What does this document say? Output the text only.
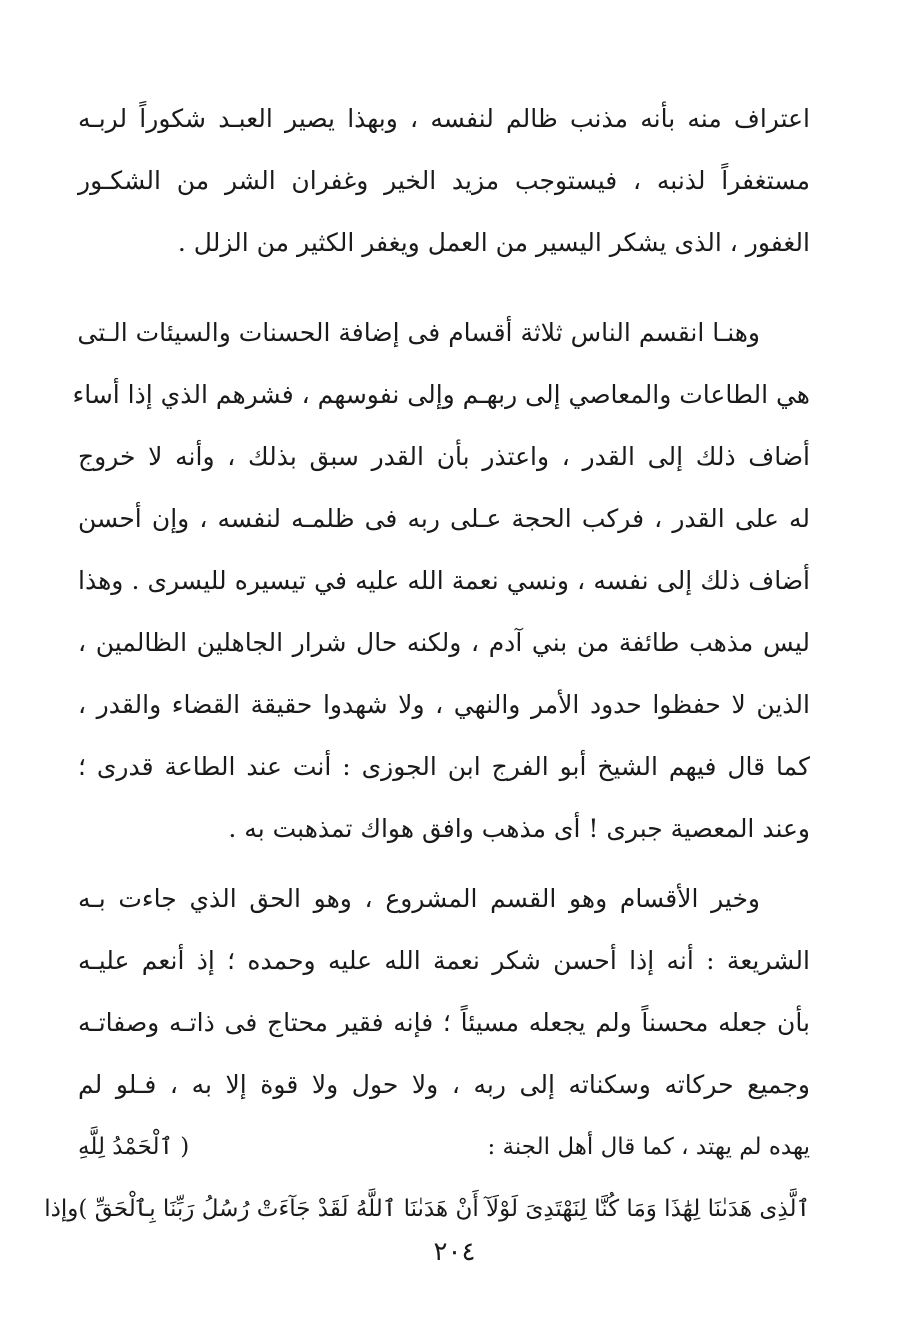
اعتراف منه بأنه مذنب ظالم لنفسه ، وبهذا يصير العبـد شكوراً لربـه
مستغفراً لذنبه ، فيستوجب مزيد الخير وغفران الشر من الشكـور
الغفور ، الذى يشكر اليسير من العمل ويغفر الكثير من الزلل .
وهنـا انقسم الناس ثلاثة أقسام فى إضافة الحسنات والسيئات الـتى
هي الطاعات والمعاصي إلى ربهـم وإلى نفوسهم ، فشرهم الذي إذا أساء
أضاف ذلك إلى القدر ، واعتذر بأن القدر سبق بذلك ، وأنه لا خروج
له على القدر ، فركب الحجة عـلى ربه فى ظلمـه لنفسه ، وإن أحسن
أضاف ذلك إلى نفسه ، ونسي نعمة الله عليه في تيسيره لليسرى . وهذا
ليس مذهب طائفة من بني آدم ، ولكنه حال شرار الجاهلين الظالمين ،
الذين لا حفظوا حدود الأمر والنهي ، ولا شهدوا حقيقة القضاء والقدر ،
كما قال فيهم الشيخ أبو الفرج ابن الجوزى : أنت عند الطاعة قدرى ؛
وعند المعصية جبرى ! أى مذهب وافق هواك تمذهبت به .
وخير الأقسام وهو القسم المشروع ، وهو الحق الذي جاءت بـه
الشريعة : أنه إذا أحسن شكر نعمة الله عليه وحمده ؛ إذ أنعم عليـه
بأن جعله محسناً ولم يجعله مسيئاً ؛ فإنه فقير محتاج فى ذاتـه وصفاتـه
وجميع حركاته وسكناته إلى ربه ، ولا حول ولا قوة إلا به ، فـلو لم
يهده لم يهتد ، كما قال أهل الجنة :
( ٱلْحَمْدُ لِلَّهِ
ٱلَّذِى هَدَىٰنَا لِهَٰذَا وَمَا كُنَّا لِنَهْتَدِىَ لَوْلَآ أَنْ هَدَىٰنَا ٱللَّهُ لَقَدْ جَآءَتْ رُسُلُ رَبِّنَا بِٱلْحَقِّ )
وإذا
٢٠٤
